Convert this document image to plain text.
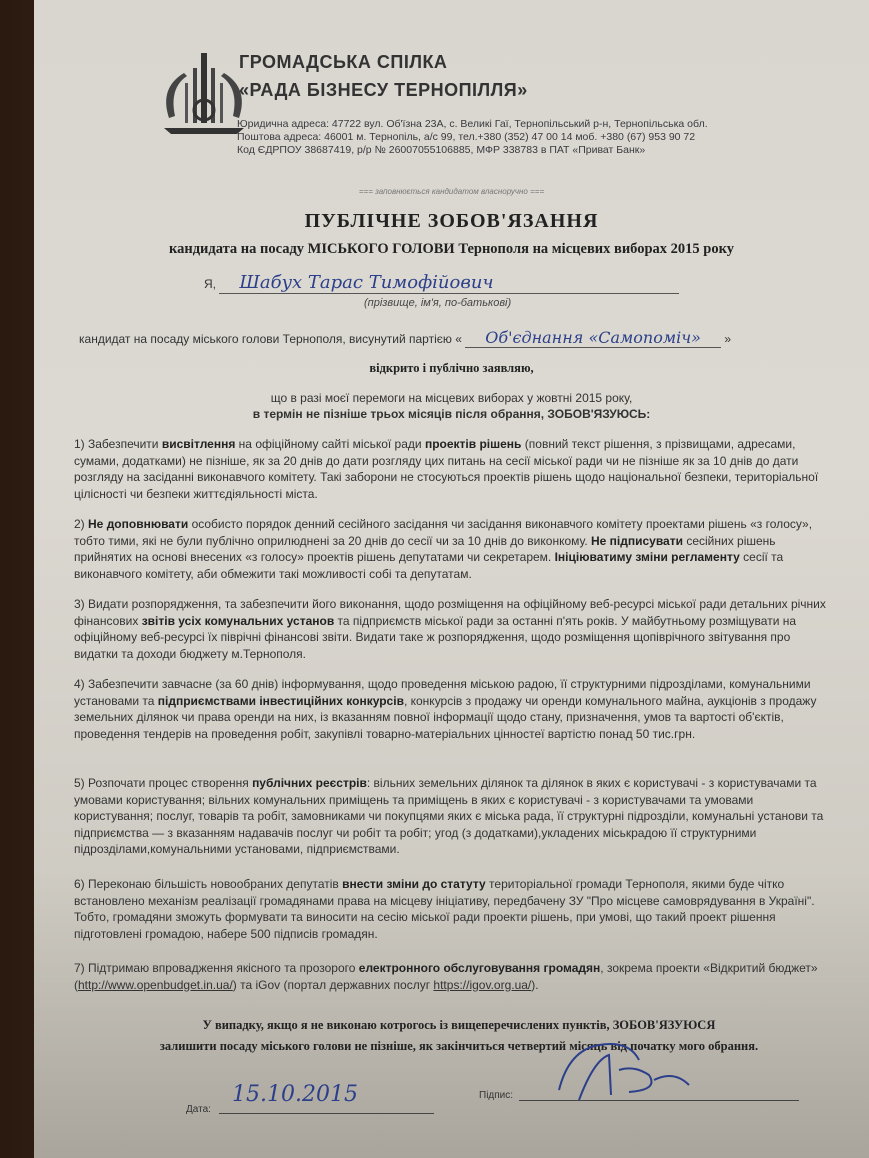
ГРОМАДСЬКА СПІЛКА
«РАДА БІЗНЕСУ ТЕРНОПІЛЛЯ»
Юридична адреса: 47722 вул. Об'їзна 23А, с. Великі Гаї, Тернопільський р-н, Тернопільська обл.
Поштова адреса: 46001 м. Тернопіль, а/с 99, тел.+380 (352) 47 00 14 моб. +380 (67) 953 90 72
Код ЄДРПОУ 38687419, р/р № 26007055106885, МФР 338783 в ПАТ «Приват Банк»
=== заповнюється кандидатом власноручно ===
ПУБЛІЧНЕ ЗОБОВ'ЯЗАННЯ
кандидата на посаду МІСЬКОГО ГОЛОВИ Тернополя на місцевих виборах 2015 року
Я, Шабух Тарас Тимофійович
(прізвище, ім'я, по-батькові)
кандидат на посаду міського голови Тернополя, висунутий партією « Об'єднання «Самопоміч» »
відкрито і публічно заявляю,
що в разі моєї перемоги на місцевих виборах у жовтні 2015 року,
в термін не пізніше трьох місяців після обрання, ЗОБОВ'ЯЗУЮСЬ:
1) Забезпечити висвітлення на офіційному сайті міської ради проектів рішень (повний текст рішення, з прізвищами, адресами, сумами, додатками) не пізніше, як за 20 днів до дати розгляду цих питань на сесії міської ради чи не пізніше як за 10 днів до дати розгляду на засіданні виконавчого комітету. Такі заборони не стосуються проектів рішень щодо національної безпеки, територіальної цілісності чи безпеки життєдіяльності міста.
2) Не доповнювати особисто порядок денний сесійного засідання чи засідання виконавчого комітету проектами рішень «з голосу», тобто тими, які не були публічно оприлюднені за 20 днів до сесії чи за 10 днів до виконкому. Не підписувати сесійних рішень прийнятих на основі внесених «з голосу» проектів рішень депутатами чи секретарем. Ініціюватиму зміни регламенту сесії та виконавчого комітету, аби обмежити такі можливості собі та депутатам.
3) Видати розпорядження, та забезпечити його виконання, щодо розміщення на офіційному веб-ресурсі міської ради детальних річних фінансових звітів усіх комунальних установ та підприємств міської ради за останні п'ять років. У майбутньому розміщувати на офіційному веб-ресурсі їх піврічні фінансові звіти. Видати таке ж розпорядження, щодо розміщення щопіврічного звітування про видатки та доходи бюджету м.Тернополя.
4) Забезпечити завчасне (за 60 днів) інформування, щодо проведення міською радою, її структурними підрозділами, комунальними установами та підприємствами інвестиційних конкурсів, конкурсів з продажу чи оренди комунального майна, аукціонів з продажу земельних ділянок чи права оренди на них, із вказанням повної інформації щодо стану, призначення, умов та вартості об'єктів, проведення тендерів на проведення робіт, закупівлі товарно-матеріальних цінностеї вартістю понад 50 тис.грн.
5) Розпочати процес створення публічних реєстрів: вільних земельних ділянок та ділянок в яких є користувачі - з користувачами та умовами користування; вільних комунальних приміщень та приміщень в яких є користувачі - з користувачами та умовами користування; послуг, товарів та робіт, замовниками чи покупцями яких є міська рада, її структурні підрозділи, комунальні установи та підприємства — з вказанням надавачів послуг чи робіт та робіт; угод (з додатками),укладених міськрадою її структурними підрозділами,комунальними установами, підприємствами.
6) Переконаю більшість новообраних депутатів внести зміни до статуту територіальної громади Тернополя, якими буде чітко встановлено механізм реалізації громадянами права на місцеву ініціативу, передбачену ЗУ "Про місцеве самоврядування в Україні". Тобто, громадяни зможуть формувати та виносити на сесію міської ради проекти рішень, при умові, що такий проект рішення підготовлені громадою, набере 500 підписів громадян.
7) Підтримаю впровадження якісного та прозорого електронного обслуговування громадян, зокрема проекти «Відкритий бюджет» (http://www.openbudget.in.ua/) та iGov (портал державних послуг https://igov.org.ua/).
У випадку, якщо я не виконаю котрогось із вищеперечислених пунктів, ЗОБОВ'ЯЗУЮСЯ
залишити посаду міського голови не пізніше, як закінчиться четвертий місяць від початку мого обрання.
Дата:
15.10.2015	Підпис:
